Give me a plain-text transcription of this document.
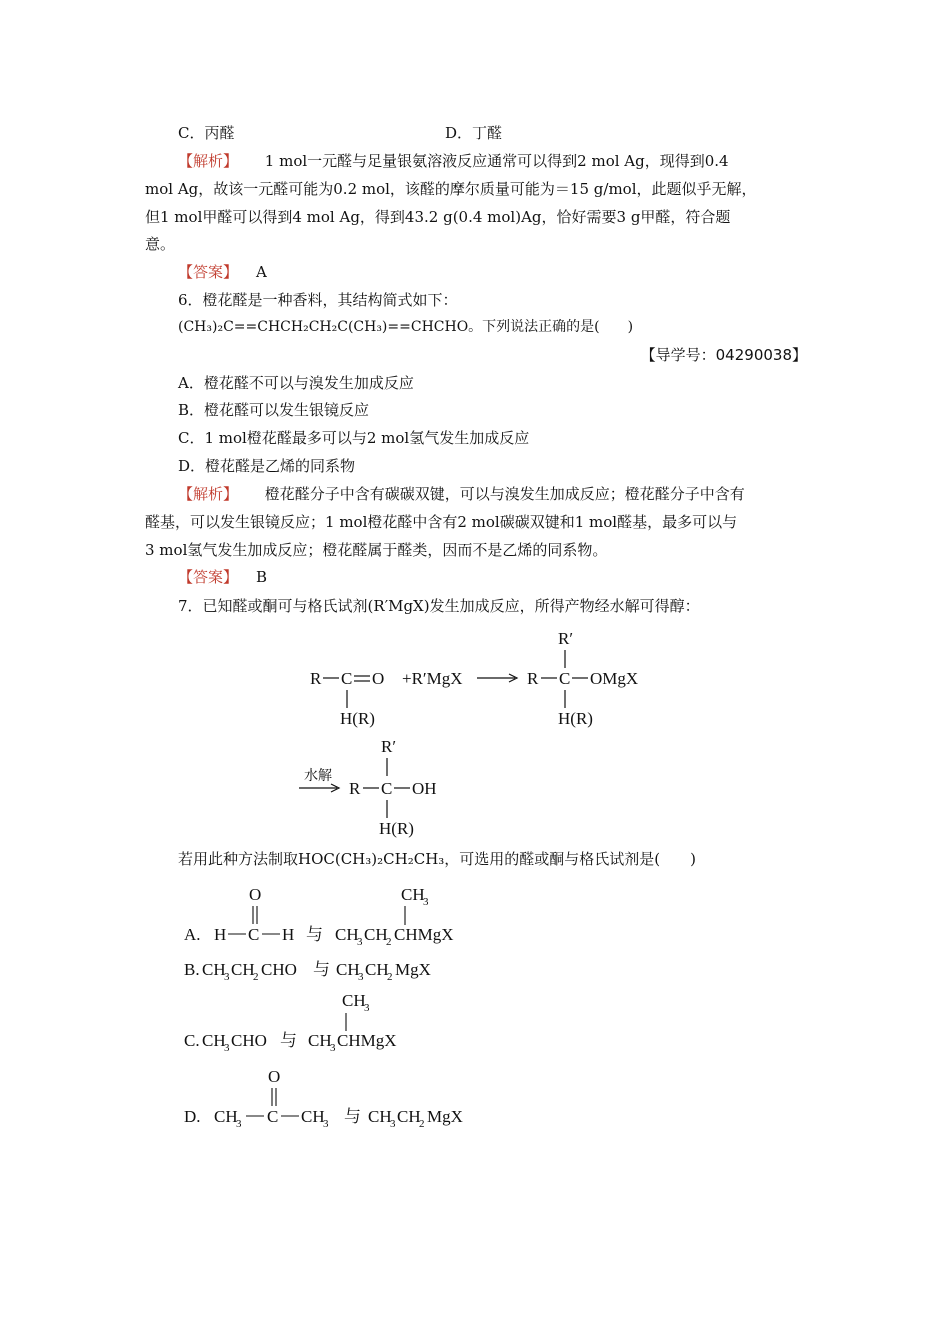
C．丙醛	D．丁醛
【解析】 1 mol一元醛与足量银氨溶液反应通常可以得到2 mol Ag，现得到0.4
mol Ag，故该一元醛可能为0.2 mol，该醛的摩尔质量可能为＝15 g/mol，此题似乎无解，
但1 mol甲醛可以得到4 mol Ag，得到43.2 g(0.4 mol)Ag，恰好需要3 g甲醛，符合题
意。
【答案】 A
6．橙花醛是一种香料，其结构简式如下：
(CH₃)₂C==CHCH₂CH₂C(CH₃)==CHCHO。下列说法正确的是(　　)
【导学号：04290038】
A．橙花醛不可以与溴发生加成反应
B．橙花醛可以发生银镜反应
C．1 mol橙花醛最多可以与2 mol氢气发生加成反应
D．橙花醛是乙烯的同系物
【解析】 橙花醛分子中含有碳碳双键，可以与溴发生加成反应；橙花醛分子中含有
醛基，可以发生银镜反应；1 mol橙花醛中含有2 mol碳碳双键和1 mol醛基，最多可以与
3 mol氢气发生加成反应；橙花醛属于醛类，因而不是乙烯的同系物。
【答案】 B
7．已知醛或酮可与格氏试剂(R′MgX)发生加成反应，所得产物经水解可得醇：
R C O
H(R)
+R′MgX
R′
R C OMgX
H(R)
水解
R′
R C OH
H(R)
若用此种方法制取HOC(CH₃)₂CH₂CH₃，可选用的醛或酮与格氏试剂是(　　)
O
A. H C H 与 CH
3 CH
2 CHMgX
CH
3
B. CH
3 CH
2 CHO 与 CH
3 CH
2 MgX
CH
3
C. CH
3 CHO 与 CH
3 CHMgX
O
D. CH
3 C CH
3 与 CH
3 CH
2 MgX
